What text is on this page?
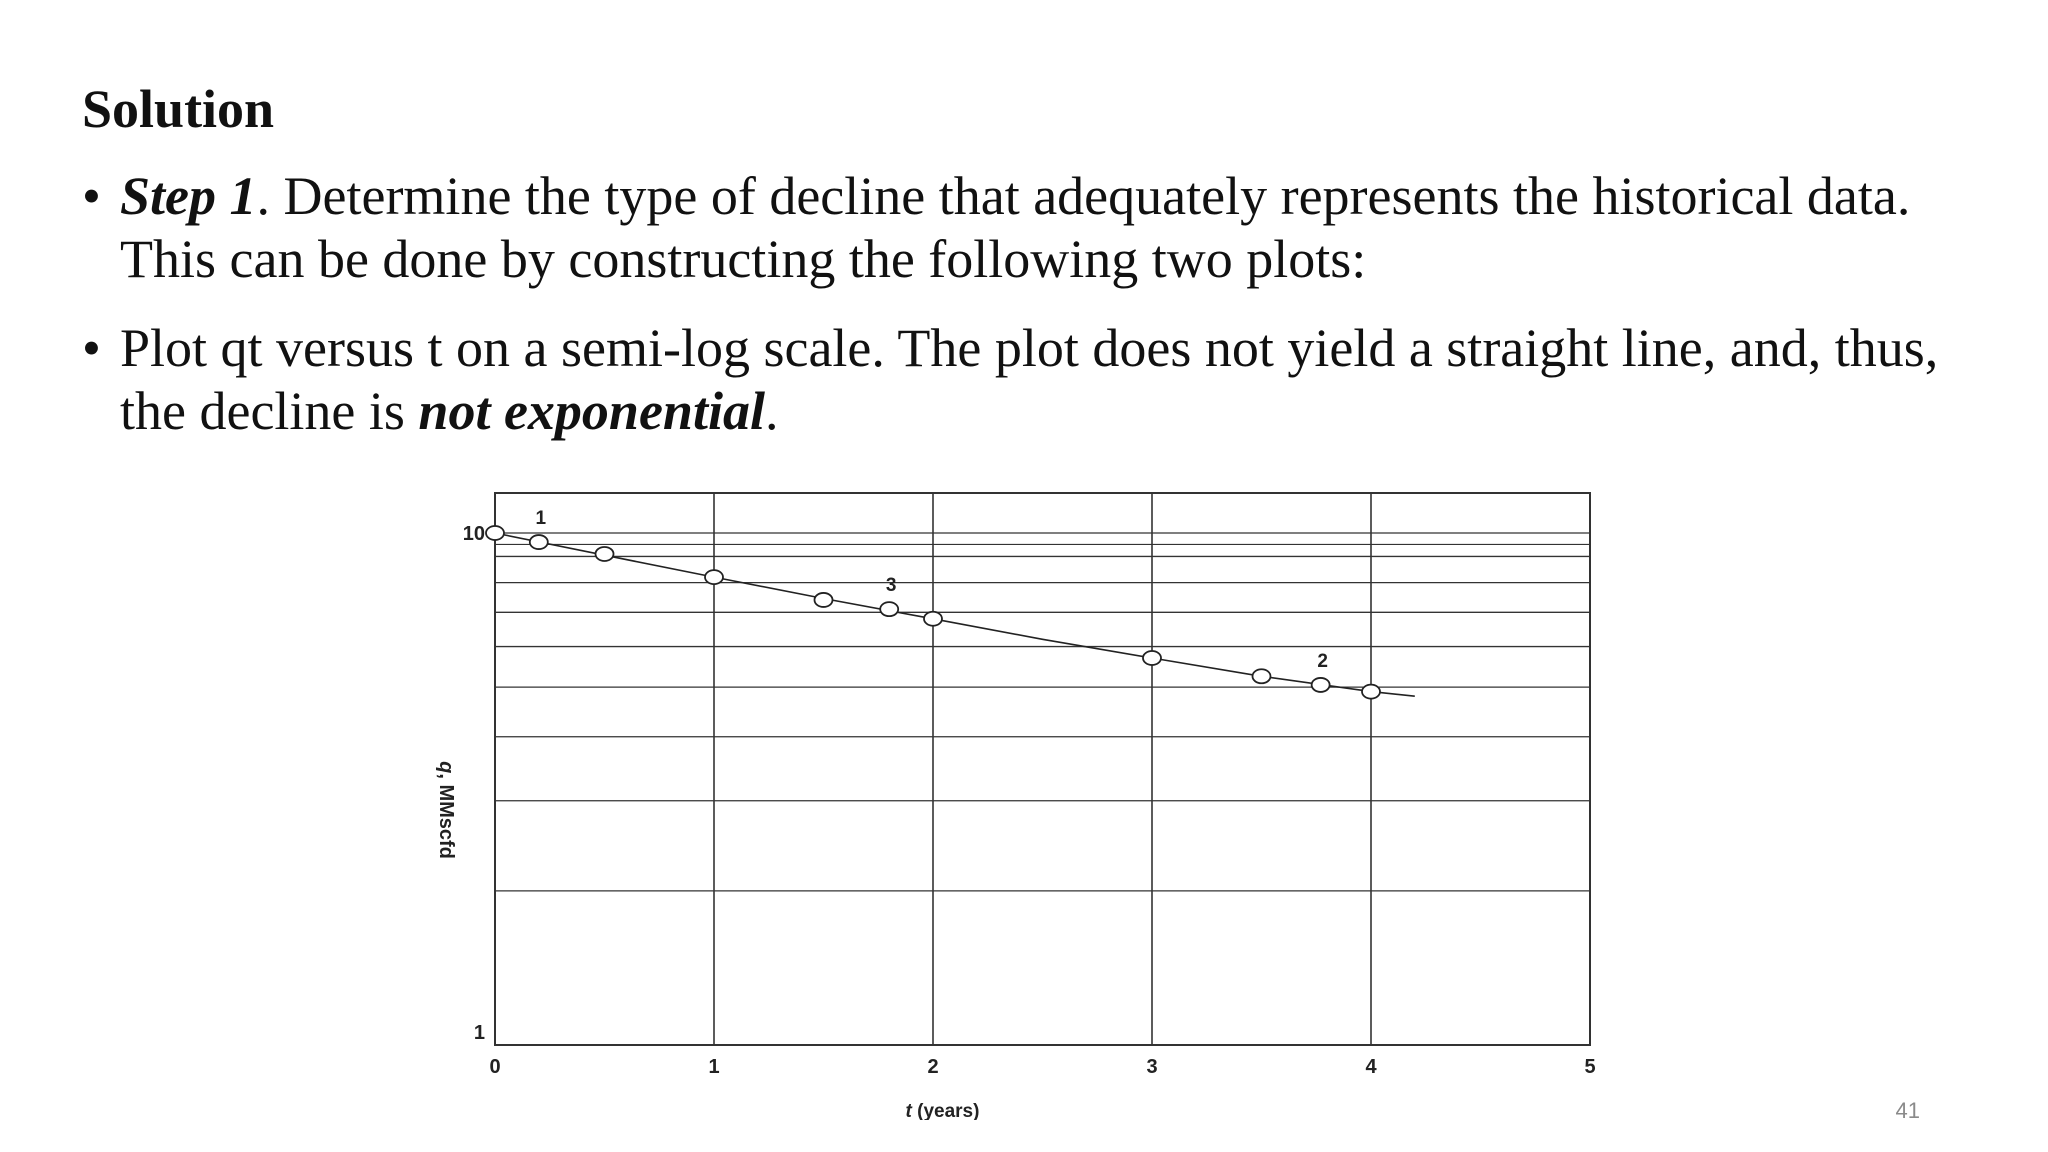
Solution
• Step 1. Determine the type of decline that adequately represents the historical data. This can be done by constructing the following two plots:
• Plot qt versus t on a semi-log scale. The plot does not yield a straight line, and, thus, the decline is not exponential.
0	1	2	3	4	5
1
10
t (years)
q, MMscfd
1
3
2
41
